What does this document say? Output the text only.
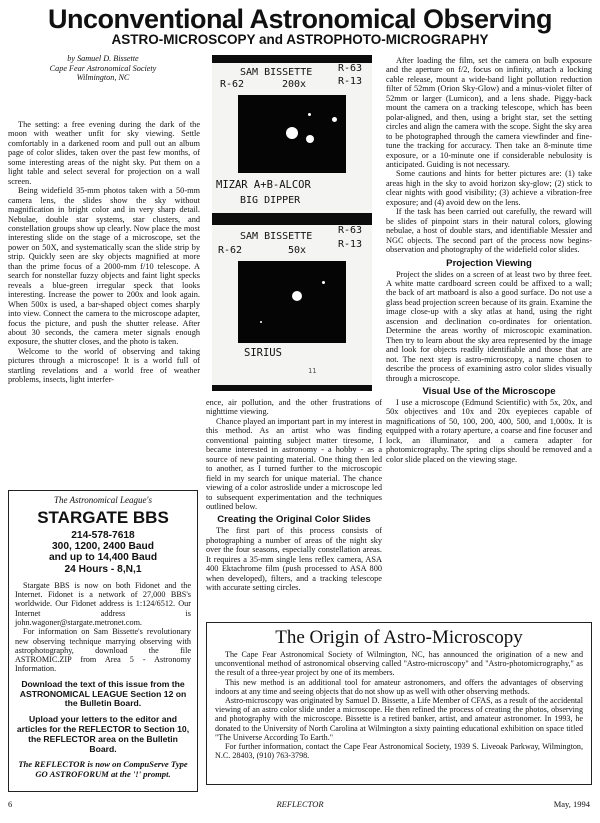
Unconventional Astronomical Observing
ASTRO-MICROSCOPY and ASTROPHOTO-MICROGRAPHY
by Samuel D. Bissette
Cape Fear Astronomical Society
Wilmington, NC

The setting: a free evening during the dark of the moon with weather unfit for sky viewing. Settle comfortably in a darkened room and pull out an album page of color slides, taken over the past few months, of some interesting areas of the night sky. Put them on a light table and select several for projection on a wall screen.

Being widefield 35-mm photos taken with a 50-mm camera lens, the slides show the sky without magnification in bright color and in very sharp detail. Nebulae, double star systems, star clusters, and constellation groups show up clearly. Now place the most interesting slide on the stage of a microscope, set the power on 50X, and systematically scan the slide strip by strip. Quickly seen are sky objects magnified at more than the prime focus of a 2000-mm f/10 telescope. A search for nonstellar fuzzy objects and faint light specks reveals a blue-green irregular speck that looks interesting. Increase the power to 200x and look again. When 500x is used, a bar-shaped object comes sharply into view. Connect the camera to the microscope adapter, focus the picture, and push the shutter release. After about 30 seconds, the camera meter signals enough exposure, the shutter closes, and the photo is taken.

Welcome to the world of observing and taking pictures through a microscope! It is a world full of startling revelations and a world free of weather problems, insects, light interfer-

SAM BISSETTE	R-63
R-62	200x	R-13
MIZAR A+B-ALCOR
BIG DIPPER
SAM BISSETTE
R-63
R-62	50x
R-13
SIRIUS
11

ence, air pollution, and the other frustrations of nighttime viewing.

Chance played an important part in my interest in this method. As an artist who was finding conventional painting subject matter tiresome, I became interested in astronomy - a hobby - as a source of new painting material. One thing then led to another, as I turned further to the microscopic field in my search for unique material. The chance viewing of a color astroslide under a microscope led to subsequent experimentation and the techniques outlined below.

Creating the Original Color Slides

The first part of this process consists of photographing a number of areas of the night sky over the four seasons, especially constellation areas. It requires a 35-mm single lens reflex camera, ASA 400 Ektachrome film (push processed to ASA 800 when developed), filters, and a tracking telescope with accurate setting circles.

After loading the film, set the camera on bulb exposure and the aperture on f/2, focus on infinity, attach a locking cable release, mount a wide-band light pollution reduction filter of 52mm (Orion Sky-Glow) and a minus-violet filter of 52mm or larger (Lumicon), and a lens shade. Piggy-back mount the camera on a tracking telescope, which has been polar-aligned, and then, using a bright star, set the setting circles and align the camera with the scope. Sight the sky area to be photographed through the camera viewfinder and fine-tune the tracking for accuracy. Then take an 8-minute time exposure, or a 10-minute one if considerable nebulosity is anticipated. Guiding is not necessary.

Some cautions and hints for better pictures are: (1) take areas high in the sky to avoid horizon sky-glow; (2) stick to clear nights with good visibility; (3) achieve a vibration-free exposure; and (4) avoid dew on the lens.

If the task has been carried out carefully, the reward will be slides of pinpoint stars in their natural colors, glowing nebulae, a host of double stars, and identifiable Messier and NGC objects. The second part of the process now begins-observation and photography of the widefield color slides.

Projection Viewing

Project the slides on a screen of at least two by three feet. A white matte cardboard screen could be affixed to a wall; the back of art matboard is also a good surface. Do not use a glass bead projection screen because of its grain. Examine the image close-up with a sky atlas at hand, using the right ascension and declination co-ordinates for orientation. Determine the areas worthy of microscopic examination. Then try to learn about the sky area represented by the image and look for objects readily identifiable and those that are not. The next step is astro-microscopy, a name chosen to describe the process of examining astro color slides visually through a microscope.

Visual Use of the Microscope

I use a microscope (Edmund Scientific) with 5x, 20x, and 50x objectives and 10x and 20x eyepieces capable of magnifications of 50, 100, 200, 400, 500, and 1,000x. It is equipped with a rotary aperture, a coarse and fine focuser and lock, an illuminator, and a camera adapter for photomicrography. The spring clips should be removed and a color slide placed on the viewing stage.

The Astronomical League's
STARGATE BBS
214-578-7618
300, 1200, 2400 Baud
and up to 14,400 Baud
24 Hours - 8,N,1

Stargate BBS is now on both Fidonet and the Internet. Fidonet is a network of 27,000 BBS's worldwide. Our Fidonet address is 1:124/6512. Our Internet address is john.wagoner@stargate.metronet.com.

For information on Sam Bissette's revolutionary new observing technique marrying observing with astrophotography, download the file ASTROMIC.ZIP from Area 5 - Astronomy Information.

Download the text of this issue from the ASTRONOMICAL LEAGUE Section 12 on the Bulletin Board.
Upload your letters to the editor and articles for the REFLECTOR to Section 10, the REFLECTOR area on the Bulletin Board.
The REFLECTOR is now on CompuServe Type GO ASTROFORUM at the '!' prompt.
The Origin of Astro-Microscopy

The Cape Fear Astronomical Society of Wilmington, NC, has announced the origination of a new and unconventional method of astronomical observing called "Astro-microscopy" and "Astro-photomicrography," as the result of a three-year project by one of its members.

This new method is an additional tool for amateur astronomers, and offers the advantages of observing indoors at any time and seeing objects that do not show up as well with other observing methods.

Astro-microscopy was originated by Samuel D. Bissette, a Life Member of CFAS, as a result of the accidental viewing of an astro color slide under a microscope. He then refined the process of creating the photos, observing and photography with the microscope. Bissette is a retired banker, artist, and amateur astronomer. In 1993, he donated to the University of North Carolina at Wilmington a sixty painting educational exhibition on space titled "The Universe According To Earth."

For further information, contact the Cape Fear Astronomical Society, 1939 S. Liveoak Parkway, Wilmington, N.C. 28403, (910) 763-3798.

6	REFLECTOR	May, 1994
